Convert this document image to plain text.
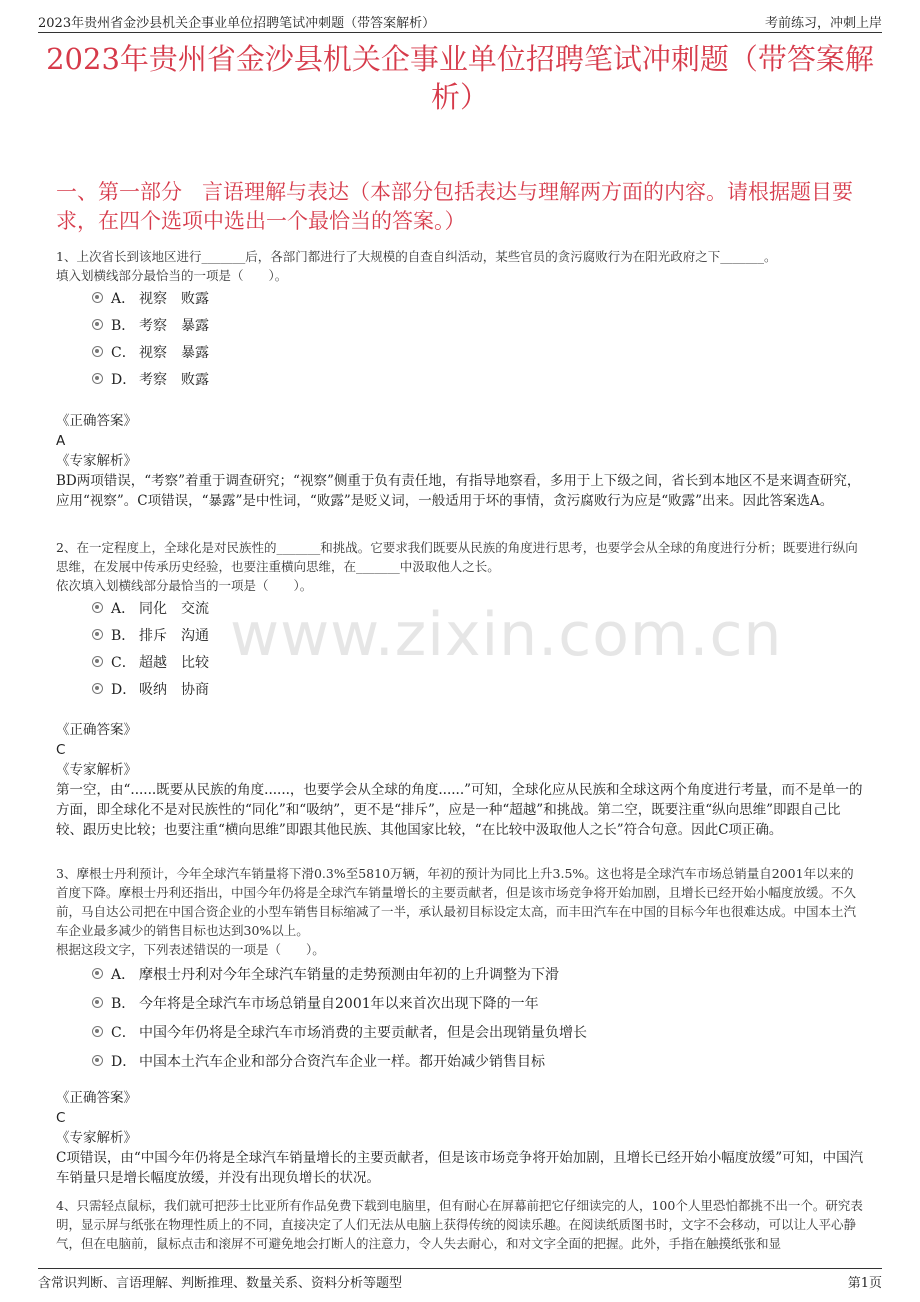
2023年贵州省金沙县机关企事业单位招聘笔试冲刺题（带答案解析）	考前练习，冲刺上岸
2023年贵州省金沙县机关企事业单位招聘笔试冲刺题（带答案解析）
一、第一部分 言语理解与表达（本部分包括表达与理解两方面的内容。请根据题目要求，在四个选项中选出一个最恰当的答案。）
www.zixin.com.cn
1、上次省长到该地区进行_______后，各部门都进行了大规模的自查自纠活动，某些官员的贪污腐败行为在阳光政府之下_______。
填入划横线部分最恰当的一项是（　　）。
A． 视察　败露
B． 考察　暴露
C． 视察　暴露
D． 考察　败露
《正确答案》
A
《专家解析》
BD两项错误，“考察”着重于调查研究；“视察”侧重于负有责任地，有指导地察看，多用于上下级之间，省长到本地区不是来调查研究，应用“视察”。C项错误，“暴露”是中性词，“败露”是贬义词，一般适用于坏的事情，贪污腐败行为应是“败露”出来。因此答案选A。
2、在一定程度上，全球化是对民族性的_______和挑战。它要求我们既要从民族的角度进行思考，也要学会从全球的角度进行分析；既要进行纵向思维，在发展中传承历史经验，也要注重横向思维，在_______中汲取他人之长。
依次填入划横线部分最恰当的一项是（　　）。
A． 同化　交流
B． 排斥　沟通
C． 超越　比较
D． 吸纳　协商
《正确答案》
C
《专家解析》
第一空，由“......既要从民族的角度......，也要学会从全球的角度......”可知，全球化应从民族和全球这两个角度进行考量，而不是单一的方面，即全球化不是对民族性的“同化”和“吸纳”，更不是“排斥”，应是一种“超越”和挑战。第二空，既要注重“纵向思维”即跟自己比较、跟历史比较；也要注重“横向思维”即跟其他民族、其他国家比较，“在比较中汲取他人之长”符合句意。因此C项正确。
3、摩根士丹利预计，今年全球汽车销量将下滑0.3%至5810万辆，年初的预计为同比上升3.5%。这也将是全球汽车市场总销量自2001年以来的首度下降。摩根士丹利还指出，中国今年仍将是全球汽车销量增长的主要贡献者，但是该市场竞争将开始加剧，且增长已经开始小幅度放缓。不久前，马自达公司把在中国合资企业的小型车销售目标缩减了一半，承认最初目标设定太高，而丰田汽车在中国的目标今年也很难达成。中国本土汽车企业最多减少的销售目标也达到30%以上。
根据这段文字，下列表述错误的一项是（　　）。
A． 摩根士丹利对今年全球汽车销量的走势预测由年初的上升调整为下滑
B． 今年将是全球汽车市场总销量自2001年以来首次出现下降的一年
C． 中国今年仍将是全球汽车市场消费的主要贡献者，但是会出现销量负增长
D． 中国本土汽车企业和部分合资汽车企业一样。都开始减少销售目标
《正确答案》
C
《专家解析》
C项错误，由“中国今年仍将是全球汽车销量增长的主要贡献者，但是该市场竞争将开始加剧，且增长已经开始小幅度放缓”可知，中国汽车销量只是增长幅度放缓，并没有出现负增长的状况。
4、只需轻点鼠标，我们就可把莎士比亚所有作品免费下载到电脑里，但有耐心在屏幕前把它仔细读完的人，100个人里恐怕都挑不出一个。研究表明，显示屏与纸张在物理性质上的不同，直接决定了人们无法从电脑上获得传统的阅读乐趣。在阅读纸质图书时，文字不会移动，可以让人平心静气，但在电脑前，鼠标点击和滚屏不可避免地会打断人的注意力，令人失去耐心，和对文字全面的把握。此外，手指在触摸纸张和显
含常识判断、言语理解、判断推理、数量关系、资料分析等题型	第1页
